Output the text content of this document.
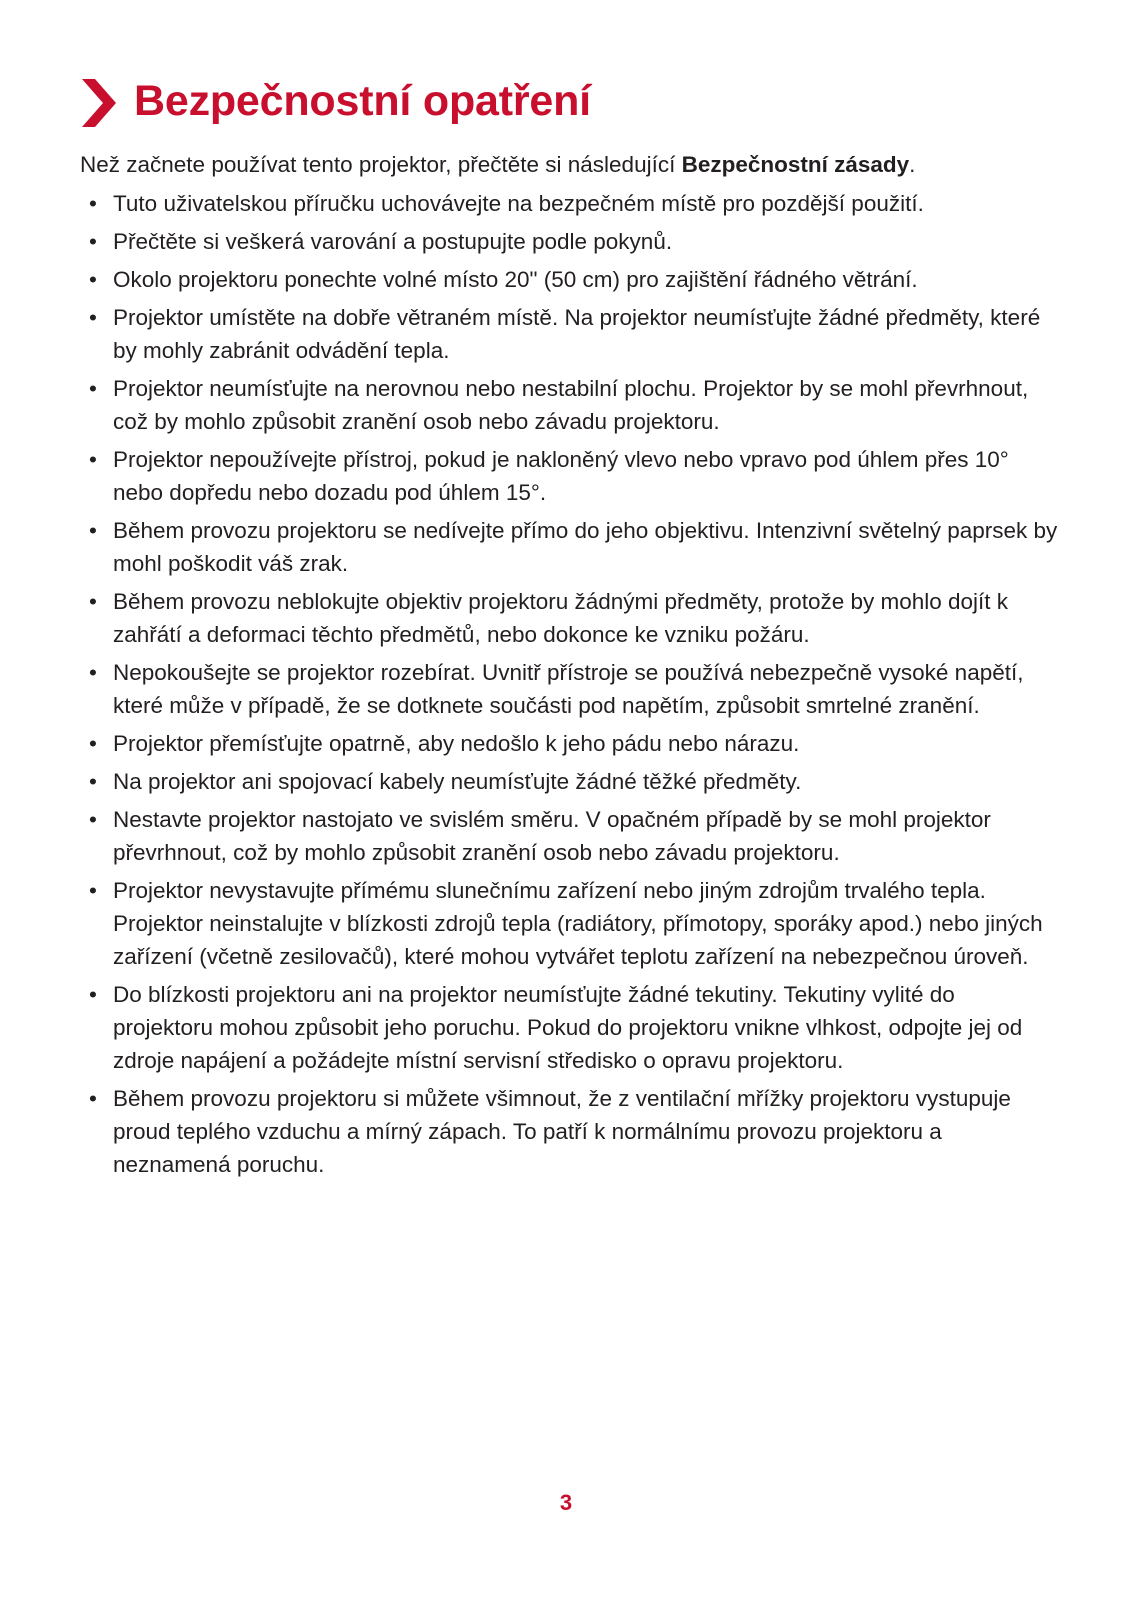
Bezpečnostní opatření

Než začnete používat tento projektor, přečtěte si následující Bezpečnostní zásady.

• Tuto uživatelskou příručku uchovávejte na bezpečném místě pro pozdější použití.
• Přečtěte si veškerá varování a postupujte podle pokynů.
• Okolo projektoru ponechte volné místo 20" (50 cm) pro zajištění řádného větrání.
• Projektor umístěte na dobře větraném místě. Na projektor neumísťujte žádné předměty, které by mohly zabránit odvádění tepla.
• Projektor neumísťujte na nerovnou nebo nestabilní plochu. Projektor by se mohl převrhnout, což by mohlo způsobit zranění osob nebo závadu projektoru.
• Projektor nepoužívejte přístroj, pokud je nakloněný vlevo nebo vpravo pod úhlem přes 10° nebo dopředu nebo dozadu pod úhlem 15°.
• Během provozu projektoru se nedívejte přímo do jeho objektivu. Intenzivní světelný paprsek by mohl poškodit váš zrak.
• Během provozu neblokujte objektiv projektoru žádnými předměty, protože by mohlo dojít k zahřátí a deformaci těchto předmětů, nebo dokonce ke vzniku požáru.
• Nepokoušejte se projektor rozebírat. Uvnitř přístroje se používá nebezpečně vysoké napětí, které může v případě, že se dotknete součásti pod napětím, způsobit smrtelné zranění.
• Projektor přemísťujte opatrně, aby nedošlo k jeho pádu nebo nárazu.
• Na projektor ani spojovací kabely neumísťujte žádné těžké předměty.
• Nestavte projektor nastojato ve svislém směru. V opačném případě by se mohl projektor převrhnout, což by mohlo způsobit zranění osob nebo závadu projektoru.
• Projektor nevystavujte přímému slunečnímu zařízení nebo jiným zdrojům trvalého tepla. Projektor neinstalujte v blízkosti zdrojů tepla (radiátory, přímotopy, sporáky apod.) nebo jiných zařízení (včetně zesilovačů), které mohou vytvářet teplotu zařízení na nebezpečnou úroveň.
• Do blízkosti projektoru ani na projektor neumísťujte žádné tekutiny. Tekutiny vylité do projektoru mohou způsobit jeho poruchu. Pokud do projektoru vnikne vlhkost, odpojte jej od zdroje napájení a požádejte místní servisní středisko o opravu projektoru.
• Během provozu projektoru si můžete všimnout, že z ventilační mřížky projektoru vystupuje proud teplého vzduchu a mírný zápach. To patří k normálnímu provozu projektoru a neznamená poruchu.
3
